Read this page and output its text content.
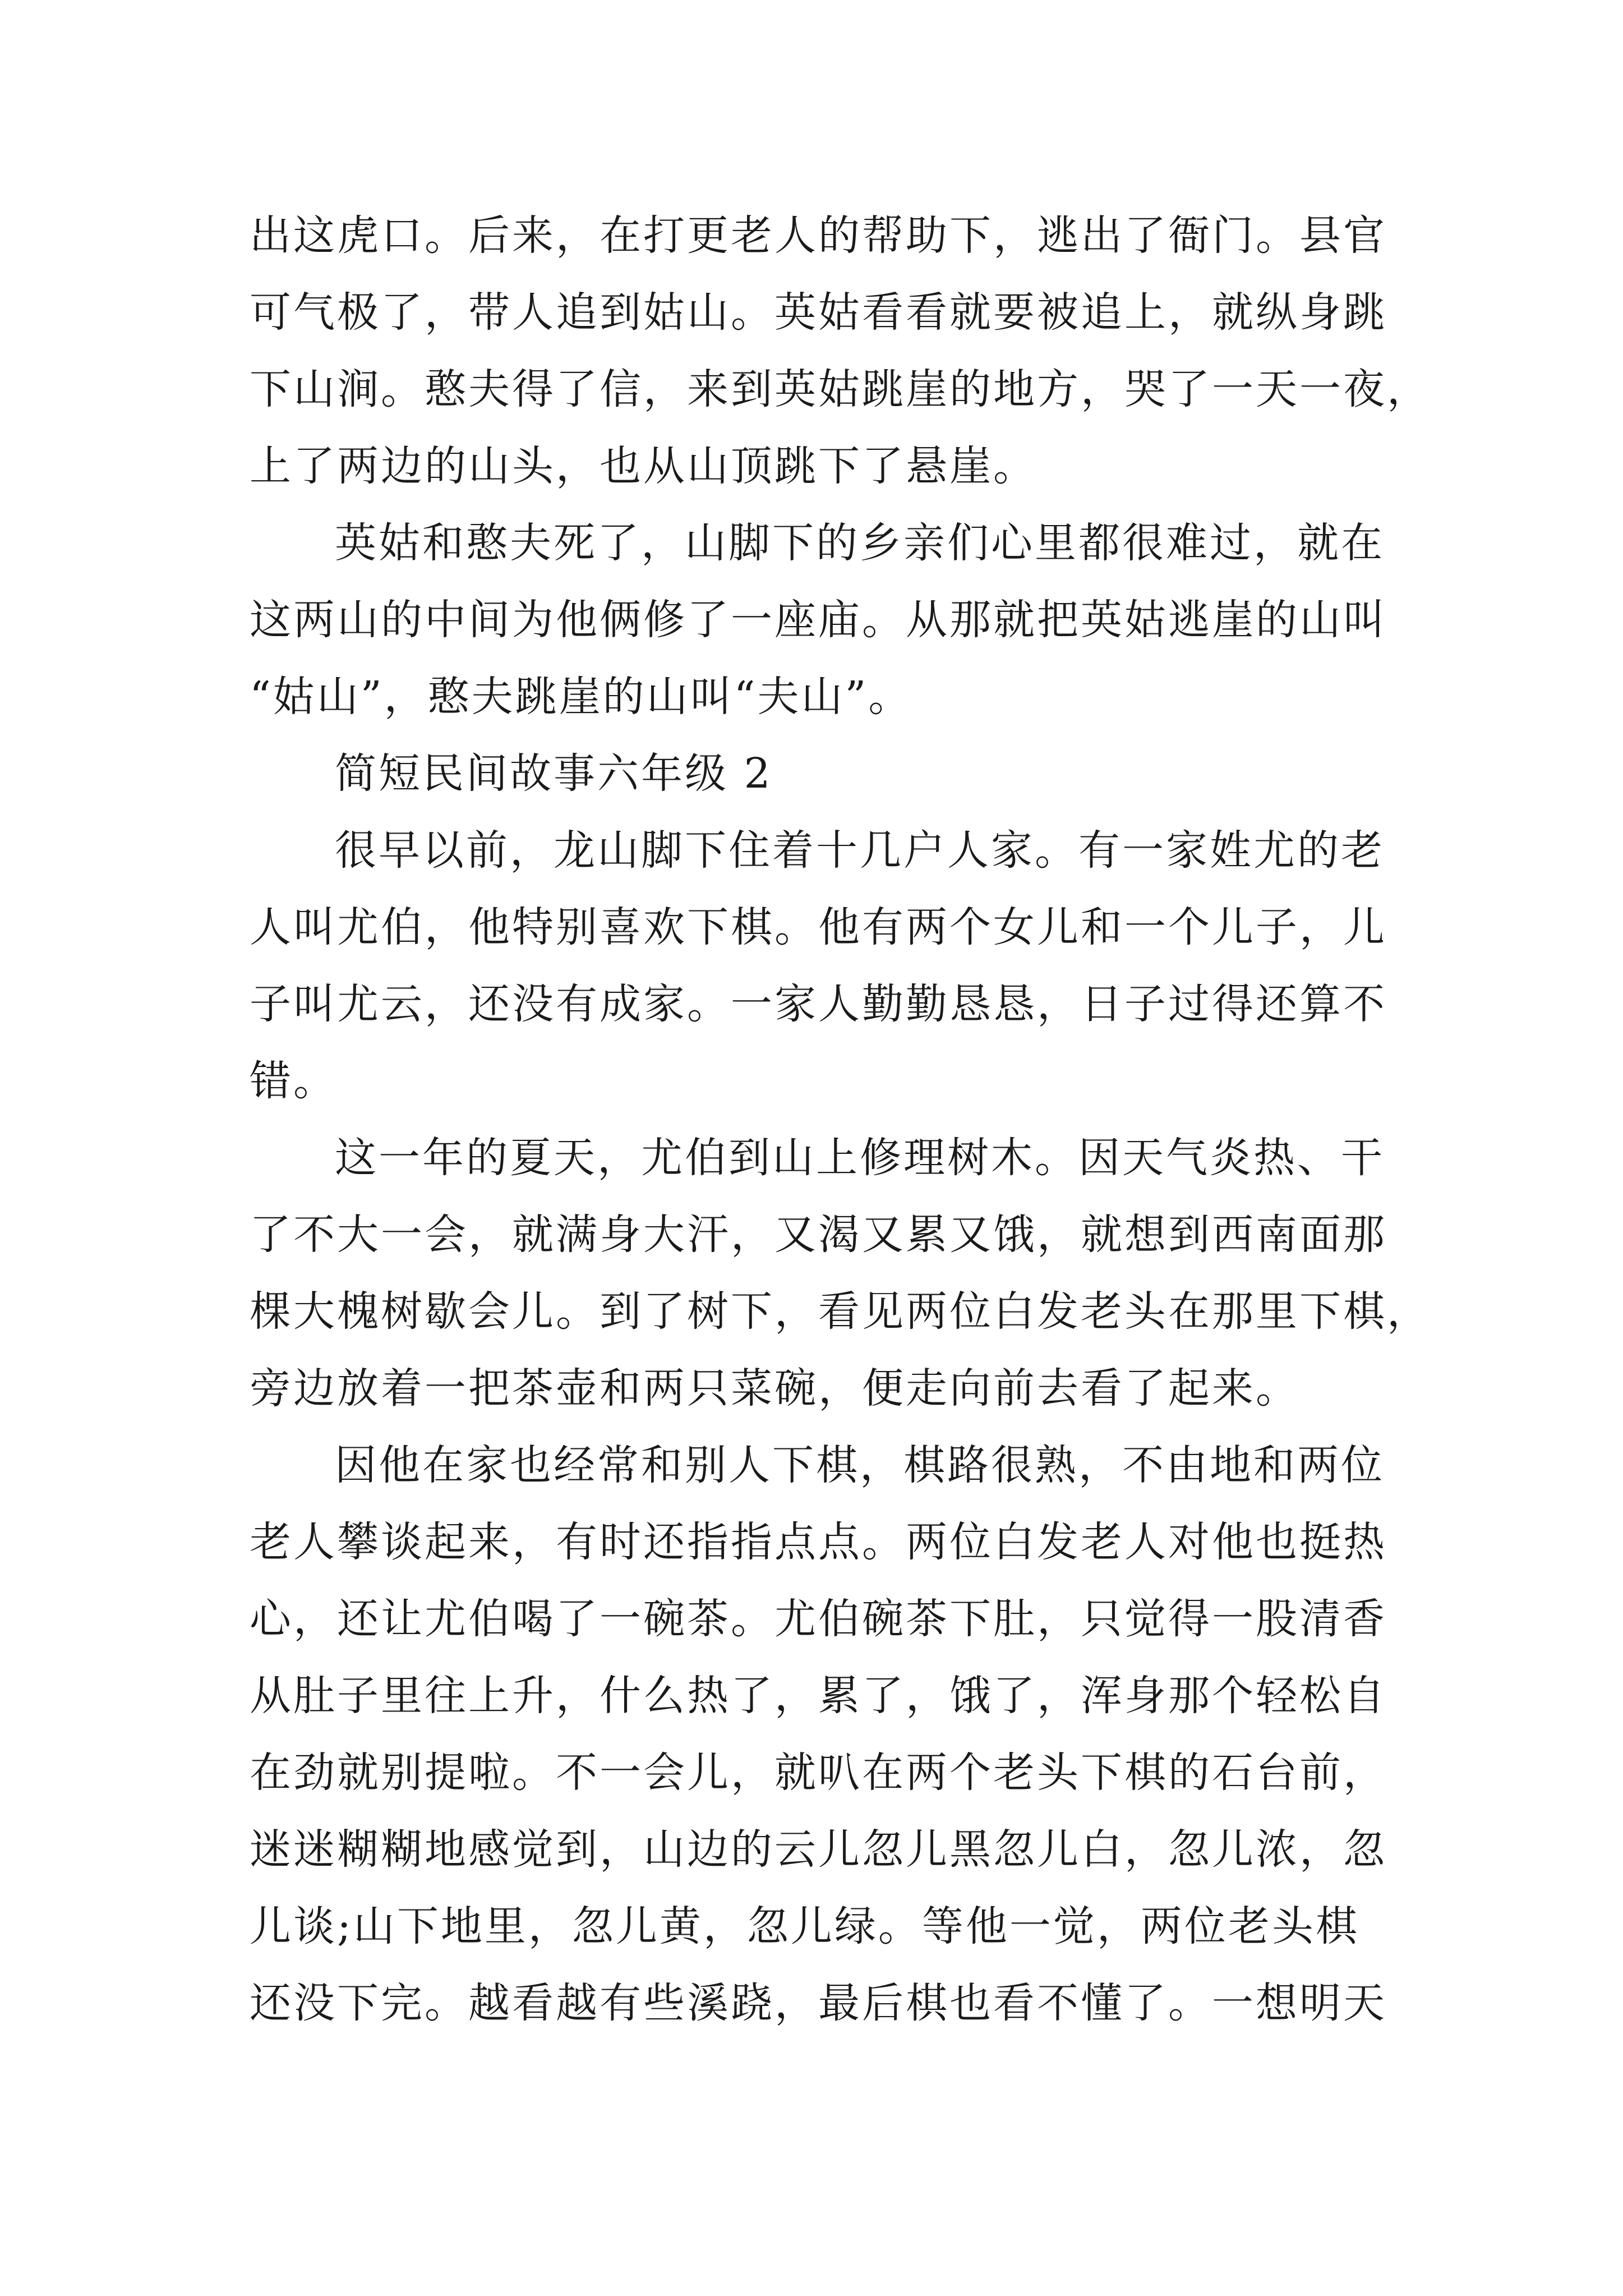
出这虎口。后来，在打更老人的帮助下，逃出了衙门。县官
可气极了，带人追到姑山。英姑看看就要被追上，就纵身跳
下山涧。憨夫得了信，来到英姑跳崖的地方，哭了一天一夜，
上了两边的山头，也从山顶跳下了悬崖。
英姑和憨夫死了，山脚下的乡亲们心里都很难过，就在
这两山的中间为他俩修了一座庙。从那就把英姑逃崖的山叫
“姑山”，憨夫跳崖的山叫“夫山”。
简短民间故事六年级 2
很早以前，龙山脚下住着十几户人家。有一家姓尤的老
人叫尤伯，他特别喜欢下棋。他有两个女儿和一个儿子，儿
子叫尤云，还没有成家。一家人勤勤恳恳，日子过得还算不
错。
这一年的夏天，尤伯到山上修理树木。因天气炎热、干
了不大一会，就满身大汗，又渴又累又饿，就想到西南面那
棵大槐树歇会儿。到了树下，看见两位白发老头在那里下棋，
旁边放着一把茶壶和两只菜碗，便走向前去看了起来。
因他在家也经常和别人下棋，棋路很熟，不由地和两位
老人攀谈起来，有时还指指点点。两位白发老人对他也挺热
心，还让尤伯喝了一碗茶。尤伯碗茶下肚，只觉得一股清香
从肚子里往上升，什么热了，累了，饿了，浑身那个轻松自
在劲就别提啦。不一会儿，就叭在两个老头下棋的石台前，
迷迷糊糊地感觉到，山边的云儿忽儿黑忽儿白，忽儿浓，忽
儿谈;山下地里，忽儿黄，忽儿绿。等他一觉，两位老头棋
还没下完。越看越有些溪跷，最后棋也看不懂了。一想明天
